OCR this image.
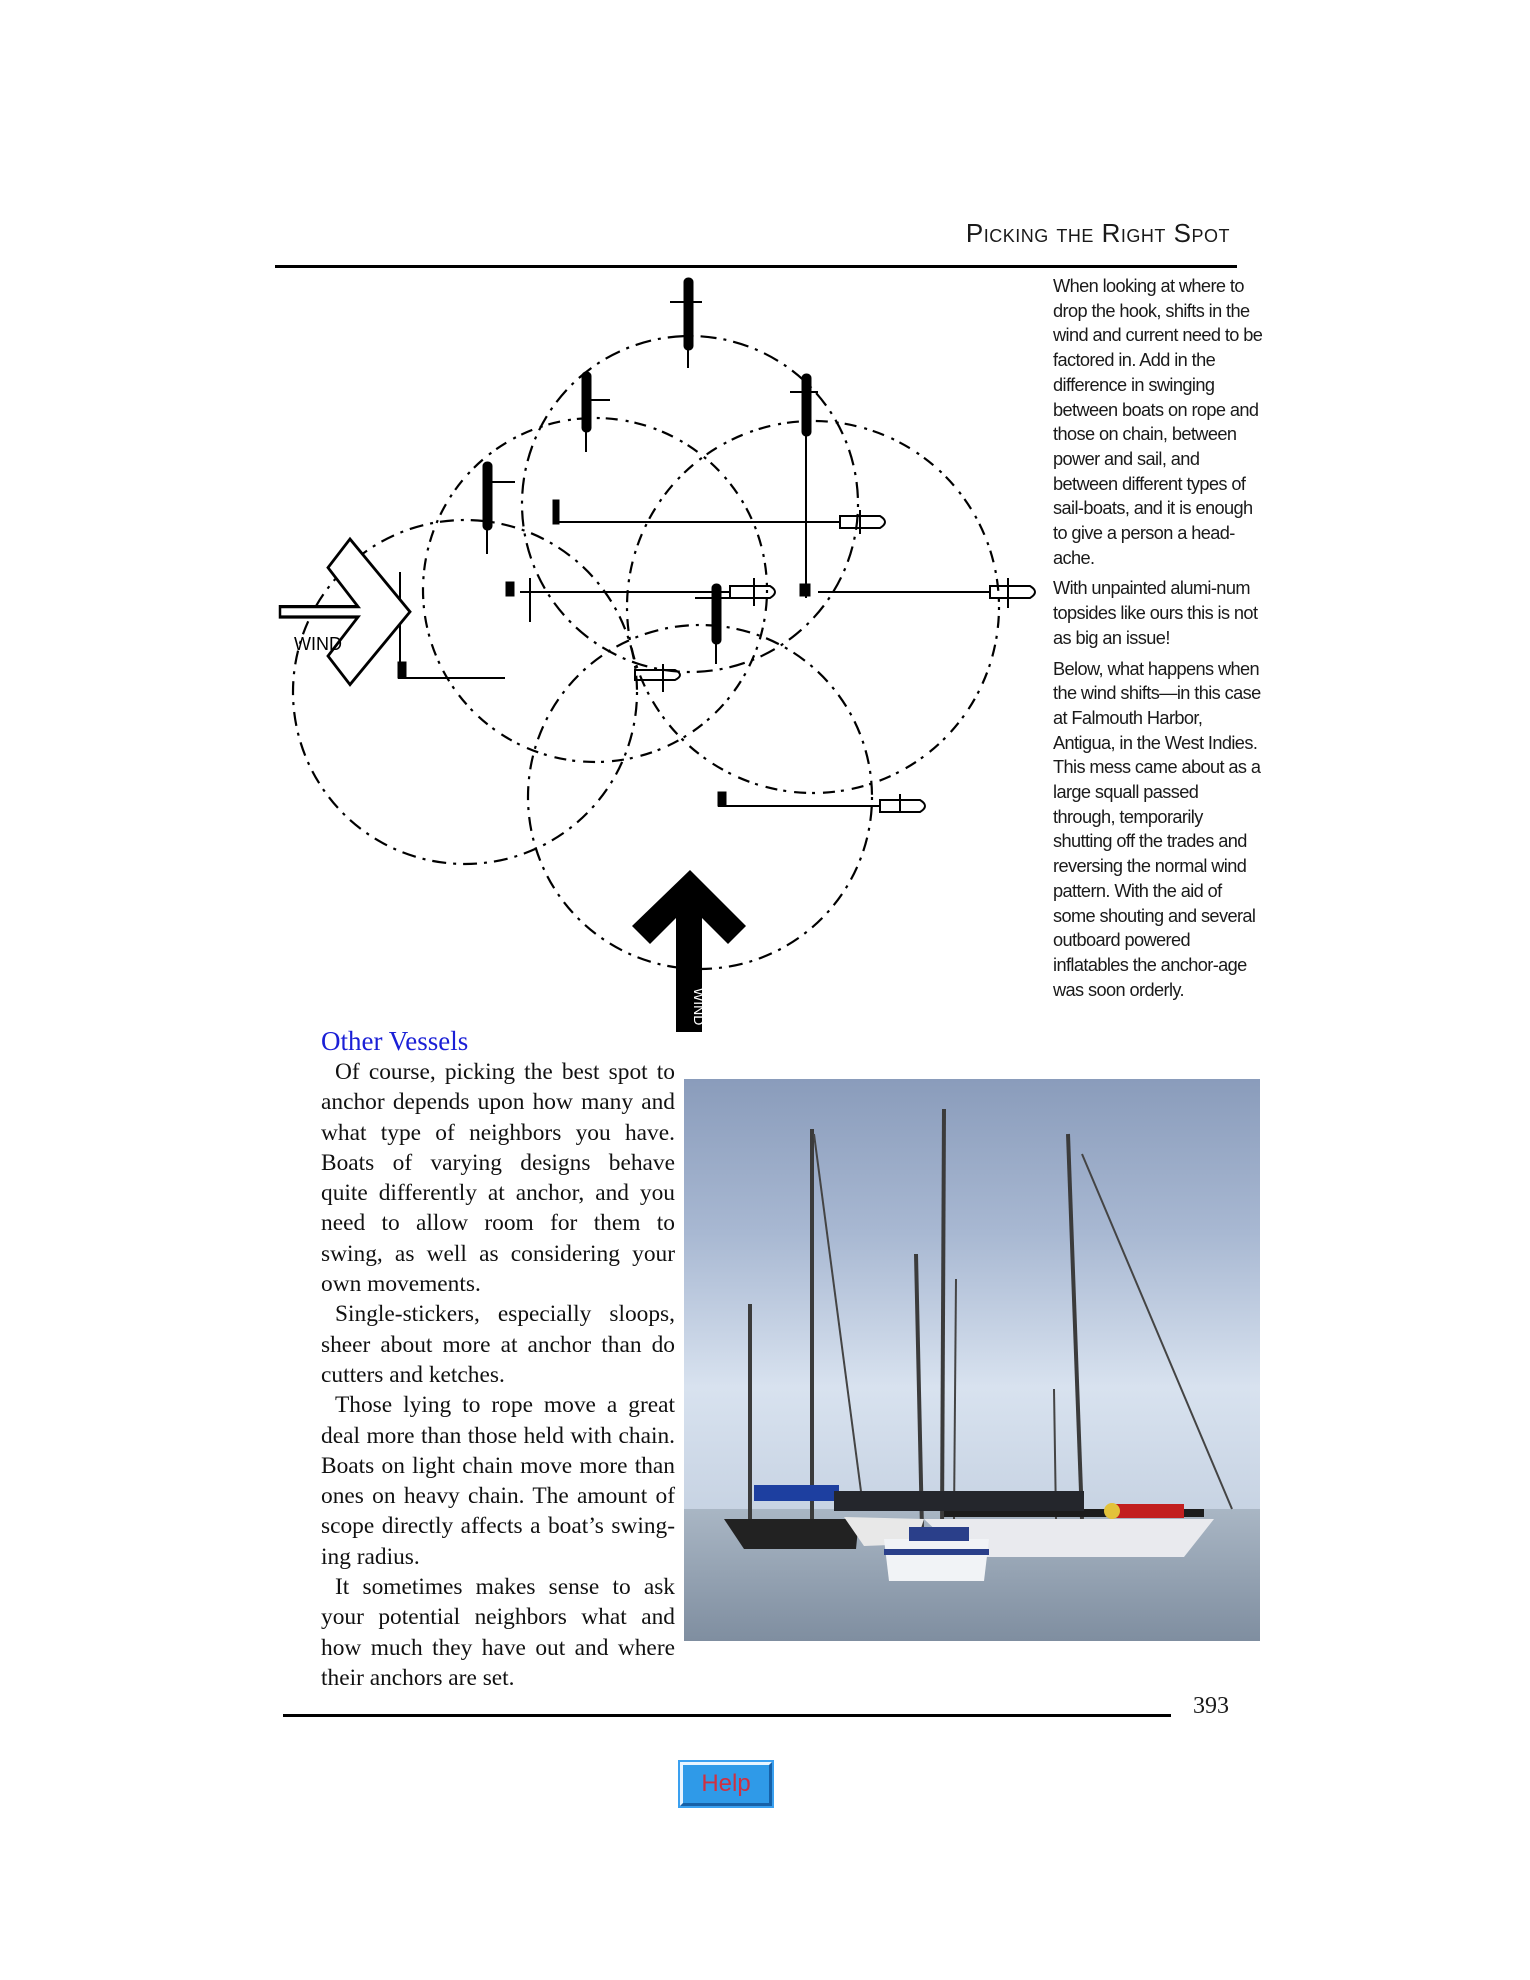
Picking the Right Spot
WIND
WIND

When looking at where to drop the hook, shifts in the wind and current need to be factored in. Add in the difference in swinging between boats on rope and those on chain, between power and sail, and between different types of sail-boats, and it is enough to give a person a head-ache.

With unpainted alumi-num topsides like ours this is not as big an issue!

Below, what happens when the wind shifts—in this case at Falmouth Harbor, Antigua, in the West Indies. This mess came about as a large squall passed through, temporarily shutting off the trades and reversing the normal wind pattern. With the aid of some shouting and several outboard powered inflatables the anchor-age was soon orderly.

Other Vessels

Of course, picking the best spot to anchor depends upon how many and what type of neighbors you have. Boats of varying designs behave quite differently at anchor, and you need to allow room for them to swing, as well as considering your own movements.

Single-stickers, especially sloops, sheer about more at anchor than do cutters and ketches.

Those lying to rope move a great deal more than those held with chain. Boats on light chain move more than ones on heavy chain. The amount of scope directly affects a boat’s swing-ing radius.

It sometimes makes sense to ask your potential neighbors what and how much they have out and where their anchors are set.

393
Help
